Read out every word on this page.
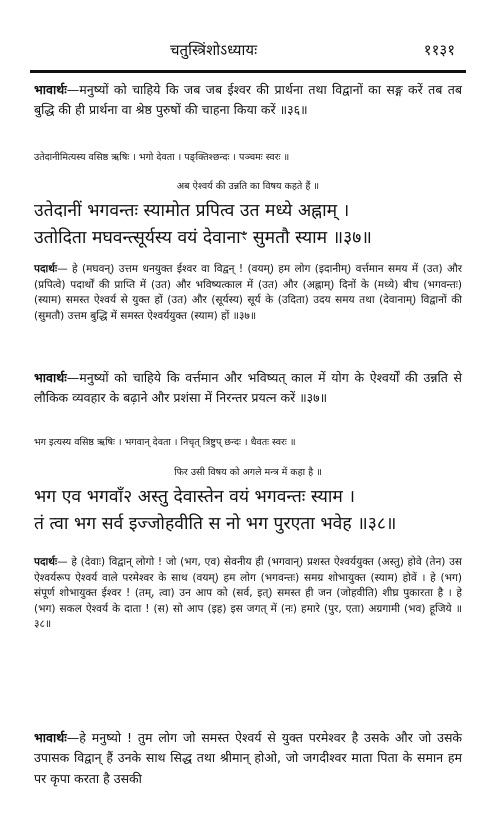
चतुस्त्रिंशोऽध्यायः	११३१
भावार्थः—मनुष्यों को चाहिये कि जब जब ईश्वर की प्रार्थना तथा विद्वानों का सङ्ग करें तब तब बुद्धि की ही प्रार्थना वा श्रेष्ठ पुरुषों की चाहना किया करें ॥३६॥
उतेदानीमित्यस्य वसिष्ठ ऋषिः । भगो देवता । पङ्क्तिश्छन्दः । पञ्चमः स्वरः ॥
अब ऐश्वर्य की उन्नति का विषय कहते हैं ॥
उतेदानीं भगवन्तः स्यामोत प्रपित्व उत मध्ये अह्नाम् ।
उतोदिता मघवन्त्सूर्यस्य वयं देवानाꣳ सुमतौ स्याम ॥३७॥
पदार्थः— हे (मघवन्) उत्तम धनयुक्त ईश्वर वा विद्वन् ! (वयम्) हम लोग (इदानीम्) वर्त्तमान समय में (उत) और (प्रपित्वे) पदार्थों की प्राप्ति में (उत) और भविष्यत्काल में (उत) और (अह्नाम्) दिनों के (मध्ये) बीच (भगवन्तः) (स्याम) समस्त ऐश्वर्य से युक्त हों (उत) और (सूर्यस्य) सूर्य के (उदिता) उदय समय तथा (देवानाम्) विद्वानों की (सुमतौ) उत्तम बुद्धि में समस्त ऐश्वर्ययुक्त (स्याम) हों ॥३७॥
भावार्थः—मनुष्यों को चाहिये कि वर्त्तमान और भविष्यत् काल में योग के ऐश्वर्यों की उन्नति से लौकिक व्यवहार के बढ़ाने और प्रशंसा में निरन्तर प्रयत्न करें ॥३७॥
भग इत्यस्य वसिष्ठ ऋषिः । भगवान् देवता । निचृत् त्रिष्टुप् छन्दः । धैवतः स्वरः ॥
फिर उसी विषय को अगले मन्त्र में कहा है ॥
भग एव भगवाँ२ अस्तु देवास्तेन वयं भगवन्तः स्याम ।
तं त्वा भग सर्व इज्जोहवीति स नो भग पुरएता भवेह ॥३८॥
पदार्थः— हे (देवाः) विद्वान् लोगो ! जो (भग, एव) सेवनीय ही (भगवान्) प्रशस्त ऐश्वर्ययुक्त (अस्तु) होवे (तेन) उस ऐश्वर्यरूप ऐश्वर्य वाले परमेश्वर के साथ (वयम्) हम लोग (भगवन्तः) समग्र शोभायुक्त (स्याम) होवें । हे (भग) संपूर्ण शोभायुक्त ईश्वर ! (तम्, त्वा) उन आप को (सर्व, इत्) समस्त ही जन (जोहवीति) शीघ्र पुकारता है । हे (भग) सकल ऐश्वर्य के दाता ! (स) सो आप (इह) इस जगत् में (नः) हमारे (पुर, एता) अग्रगामी (भव) हूजिये ॥३८॥
भावार्थः—हे मनुष्यो ! तुम लोग जो समस्त ऐश्वर्य से युक्त परमेश्वर है उसके और जो उसके उपासक विद्वान् हैं उनके साथ सिद्ध तथा श्रीमान् होओ, जो जगदीश्वर माता पिता के समान हम पर कृपा करता है उसकी
